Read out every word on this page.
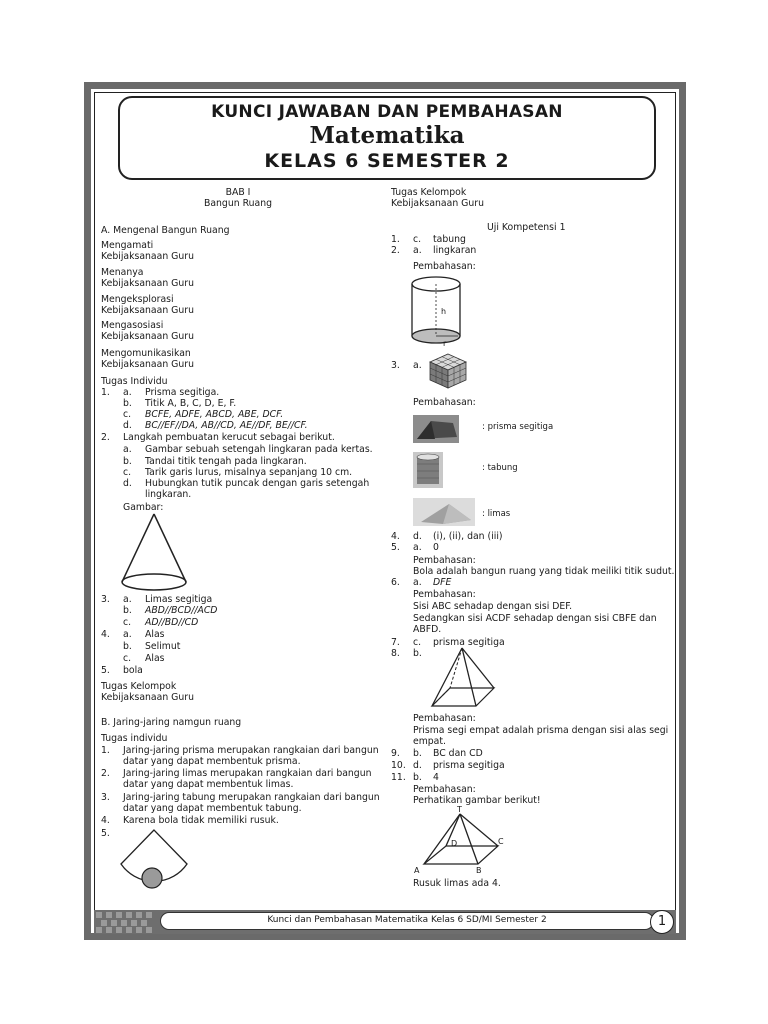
KUNCI JAWABAN DAN PEMBAHASAN
Matematika
KELAS 6 SEMESTER 2
BAB I
Bangun Ruang
A. Mengenal Bangun Ruang
Mengamati
Kebijaksanaan Guru
Menanya
Kebijaksanaan Guru
Mengeksplorasi
Kebijaksanaan Guru
Mengasosiasi
Kebijaksanaan Guru
Mengomunikasikan
Kebijaksanaan Guru
Tugas Individu
1. a. Prisma segitiga.
b. Titik A, B, C, D, E, F.
c. BCFE, ADFE, ABCD, ABE, DCF.
d. BC//EF//DA, AB//CD, AE//DF, BE//CF.
2. Langkah pembuatan kerucut sebagai berikut.
a. Gambar sebuah setengah lingkaran pada kertas.
b. Tandai titik tengah pada lingkaran.
c. Tarik garis lurus, misalnya sepanjang 10 cm.
d. Hubungkan tutik puncak dengan garis setengah
lingkaran.
Gambar:
3. a. Limas segitiga
b. ABD//BCD//ACD
c. AD//BD//CD
4. a. Alas
b. Selimut
c. Alas
5. bola
Tugas Kelompok
Kebijaksanaan Guru
B. Jaring-jaring namgun ruang
Tugas individu
1. Jaring-jaring prisma merupakan rangkaian dari bangun
datar yang dapat membentuk prisma.
2. Jaring-jaring limas merupakan rangkaian dari bangun
datar yang dapat membentuk limas.
3. Jaring-jaring tabung merupakan rangkaian dari bangun
datar yang dapat membentuk tabung.
4. Karena bola tidak memiliki rusuk.
5.
Tugas Kelompok
Kebijaksanaan Guru
Uji Kompetensi 1
1. c. tabung
2. a. lingkaran
Pembahasan:
h
r
3. a.
Pembahasan:
: prisma segitiga
: tabung
: limas
4. d. (i), (ii), dan (iii)
5. a. 0
Pembahasan:
Bola adalah bangun ruang yang tidak meiliki titik sudut.
6. a. DFE
Pembahasan:
Sisi ABC sehadap dengan sisi DEF.
Sedangkan sisi ACDF sehadap dengan sisi CBFE dan
ABFD.
7. c. prisma segitiga
8. b.
Pembahasan:
Prisma segi empat adalah prisma dengan sisi alas segi
empat.
9. b. BC dan CD
10. d. prisma segitiga
11. b. 4
Pembahasan:
Perhatikan gambar berikut!
T
D	C
A	B
Rusuk limas ada 4.
Kunci dan Pembahasan Matematika Kelas 6 SD/MI Semester 2	1
